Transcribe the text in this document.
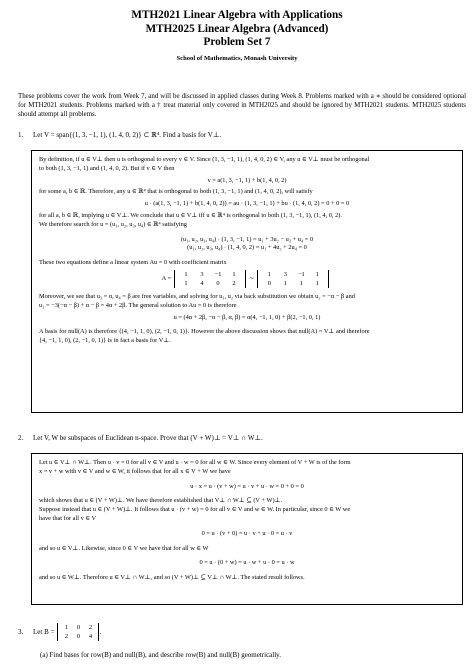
MTH2021 Linear Algebra with Applications
MTH2025 Linear Algebra (Advanced)
Problem Set 7
School of Mathematics, Monash University
These problems cover the work from Week 7, and will be discussed in applied classes during Week 8. Problems marked with a ∗ should be considered optional for MTH2021 students. Problems marked with a † treat material only covered in MTH2025 and should be ignored by MTH2021 students. MTH2025 students should attempt all problems.
1. Let V = span{(1, 3, −1, 1), (1, 4, 0, 2)} ⊂ ℝ⁴. Find a basis for V⊥.
By definition, if u ∈ V⊥ then u is orthogonal to every v ∈ V. Since (1, 3, −1, 1), (1, 4, 0, 2) ∈ V, any u ∈ V⊥ must be orthogonal
to both (1, 3, −1, 1) and (1, 4, 0, 2). But if v ∈ V then
v = a(1, 3, −1, 1) + b(1, 4, 0, 2)
for some a, b ∈ ℝ. Therefore, any u ∈ ℝ⁴ that is orthogonal to both (1, 3, −1, 1) and (1, 4, 0, 2), will satisfy
u · (a(1, 3, −1, 1) + b(1, 4, 0, 2)) = au · (1, 3, −1, 1) + bu · (1, 4, 0, 2) = 0 + 0 = 0
for all a, b ∈ ℝ, implying u ∈ V⊥. We conclude that u ∈ V⊥ iff u ∈ ℝ⁴ is orthogonal to both (1, 3, −1, 1), (1, 4, 0, 2).
We therefore search for u = (u₁, u₂, u₃, u₄) ∈ ℝ⁴ satisfying
(u₁, u₂, u₃, u₄) · (1, 3, −1, 1) = u₁ + 3u₂ − u₃ + u₄ = 0
(u₁, u₂, u₃, u₄) · (1, 4, 0, 2) = u₁ + 4u₂ + 2u₄ = 0
These two equations define a linear system Au = 0 with coefficient matrix
A =
1	3	−1	1
1	4	0	2
∼
1	3	−1	1
0	1	1	1
Moreover, we see that u₃ = α, u₄ = β are free variables, and solving for u₁, u₂ via back substitution we obtain u₂ = −α − β and
u₁ = −3(−α − β) + α − β = 4α + 2β. The general solution to Au = 0 is therefore
u = (4α + 2β, −α − β, α, β) = α(4, −1, 1, 0) + β(2, −1, 0, 1)
A basis for null(A) is therefore {(4, −1, 1, 0), (2, −1, 0, 1)}. However the above discussion shows that null(A) = V⊥ and therefore
{4, −1, 1, 0), (2, −1, 0, 1)} is in fact a basis for V⊥.
2. Let V, W be subspaces of Euclidean n-space. Prove that (V + W)⊥ = V⊥ ∩ W⊥.
Let u ∈ V⊥ ∩ W⊥. Then u · v = 0 for all v ∈ V and u · w = 0 for all w ∈ W. Since every element of V + W is of the form
x = v + w with v ∈ V and w ∈ W, it follows that for all x ∈ V + W we have
u · x = u · (v + w) = u · v + u · w = 0 + 0 = 0
which shows that u ∈ (V + W)⊥. We have therefore established that V⊥ ∩ W⊥ ⊆ (V + W)⊥.
Suppose instead that u ∈ (V + W)⊥. It follows that u · (v + w) = 0 for all v ∈ V and w ∈ W. In particular, since 0 ∈ W we
have that for all v ∈ V
0 = u · (v + 0) = u · v + u · 0 = u · v
and so u ∈ V⊥. Likewise, since 0 ∈ V we have that for all w ∈ W
0 = u · (0 + w) = u · w + u · 0 = u · w
and so u ∈ W⊥. Therefore u ∈ V⊥ ∩ W⊥, and so (V + W)⊥ ⊆ V⊥ ∩ W⊥. The stated result follows.
3. Let B =	1	0	2
2	0	4
.
(a) Find bases for row(B) and null(B), and describe row(B) and null(B) geometrically.
